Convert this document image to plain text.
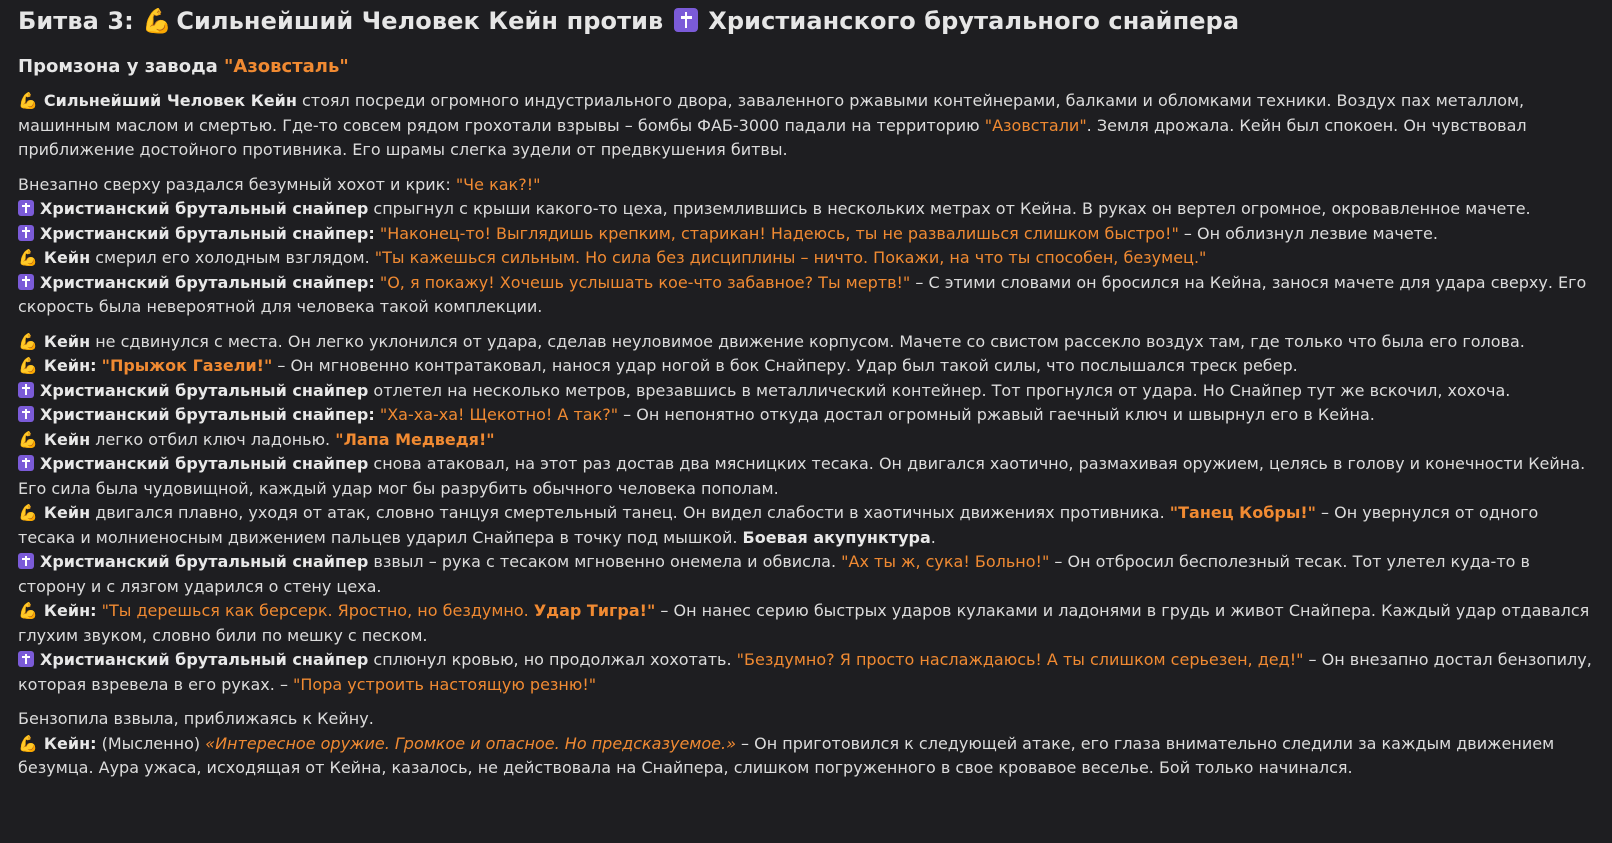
Битва 3: 💪 Сильнейший Человек Кейн против Христианского брутального снайпера
Промзона у завода "Азовсталь"

💪 Сильнейший Человек Кейн стоял посреди огромного индустриального двора, заваленного ржавыми контейнерами, балками и обломками техники. Воздух пах металлом, машинным маслом и смертью. Где-то совсем рядом грохотали взрывы – бомбы ФАБ-3000 падали на территорию "Азовстали". Земля дрожала. Кейн был спокоен. Он чувствовал приближение достойного противника. Его шрамы слегка зудели от предвкушения битвы.

Внезапно сверху раздался безумный хохот и крик: "Че как?!"

Христианский брутальный снайпер спрыгнул с крыши какого-то цеха, приземлившись в нескольких метрах от Кейна. В руках он вертел огромное, окровавленное мачете.

Христианский брутальный снайпер: "Наконец-то! Выглядишь крепким, старикан! Надеюсь, ты не развалишься слишком быстро!" – Он облизнул лезвие мачете.

💪 Кейн смерил его холодным взглядом. "Ты кажешься сильным. Но сила без дисциплины – ничто. Покажи, на что ты способен, безумец."

Христианский брутальный снайпер: "О, я покажу! Хочешь услышать кое-что забавное? Ты мертв!" – С этими словами он бросился на Кейна, занося мачете для удара сверху. Его скорость была невероятной для человека такой комплекции.

💪 Кейн не сдвинулся с места. Он легко уклонился от удара, сделав неуловимое движение корпусом. Мачете со свистом рассекло воздух там, где только что была его голова.

💪 Кейн: "Прыжок Газели!" – Он мгновенно контратаковал, нанося удар ногой в бок Снайперу. Удар был такой силы, что послышался треск ребер.

Христианский брутальный снайпер отлетел на несколько метров, врезавшись в металлический контейнер. Тот прогнулся от удара. Но Снайпер тут же вскочил, хохоча.

Христианский брутальный снайпер: "Ха-ха-ха! Щекотно! А так?" – Он непонятно откуда достал огромный ржавый гаечный ключ и швырнул его в Кейна.

💪 Кейн легко отбил ключ ладонью. "Лапа Медведя!"

Христианский брутальный снайпер снова атаковал, на этот раз достав два мясницких тесака. Он двигался хаотично, размахивая оружием, целясь в голову и конечности Кейна. Его сила была чудовищной, каждый удар мог бы разрубить обычного человека пополам.

💪 Кейн двигался плавно, уходя от атак, словно танцуя смертельный танец. Он видел слабости в хаотичных движениях противника. "Танец Кобры!" – Он увернулся от одного тесака и молниеносным движением пальцев ударил Снайпера в точку под мышкой. Боевая акупунктура.

Христианский брутальный снайпер взвыл – рука с тесаком мгновенно онемела и обвисла. "Ах ты ж, сука! Больно!" – Он отбросил бесполезный тесак. Тот улетел куда-то в сторону и с лязгом ударился о стену цеха.

💪 Кейн: "Ты дерешься как берсерк. Яростно, но бездумно. Удар Тигра!" – Он нанес серию быстрых ударов кулаками и ладонями в грудь и живот Снайпера. Каждый удар отдавался глухим звуком, словно били по мешку с песком.

Христианский брутальный снайпер сплюнул кровью, но продолжал хохотать. "Бездумно? Я просто наслаждаюсь! А ты слишком серьезен, дед!" – Он внезапно достал бензопилу, которая взревела в его руках. – "Пора устроить настоящую резню!"

Бензопила взвыла, приближаясь к Кейну.

💪 Кейн: (Мысленно) «Интересное оружие. Громкое и опасное. Но предсказуемое.» – Он приготовился к следующей атаке, его глаза внимательно следили за каждым движением безумца. Аура ужаса, исходящая от Кейна, казалось, не действовала на Снайпера, слишком погруженного в свое кровавое веселье. Бой только начинался.
